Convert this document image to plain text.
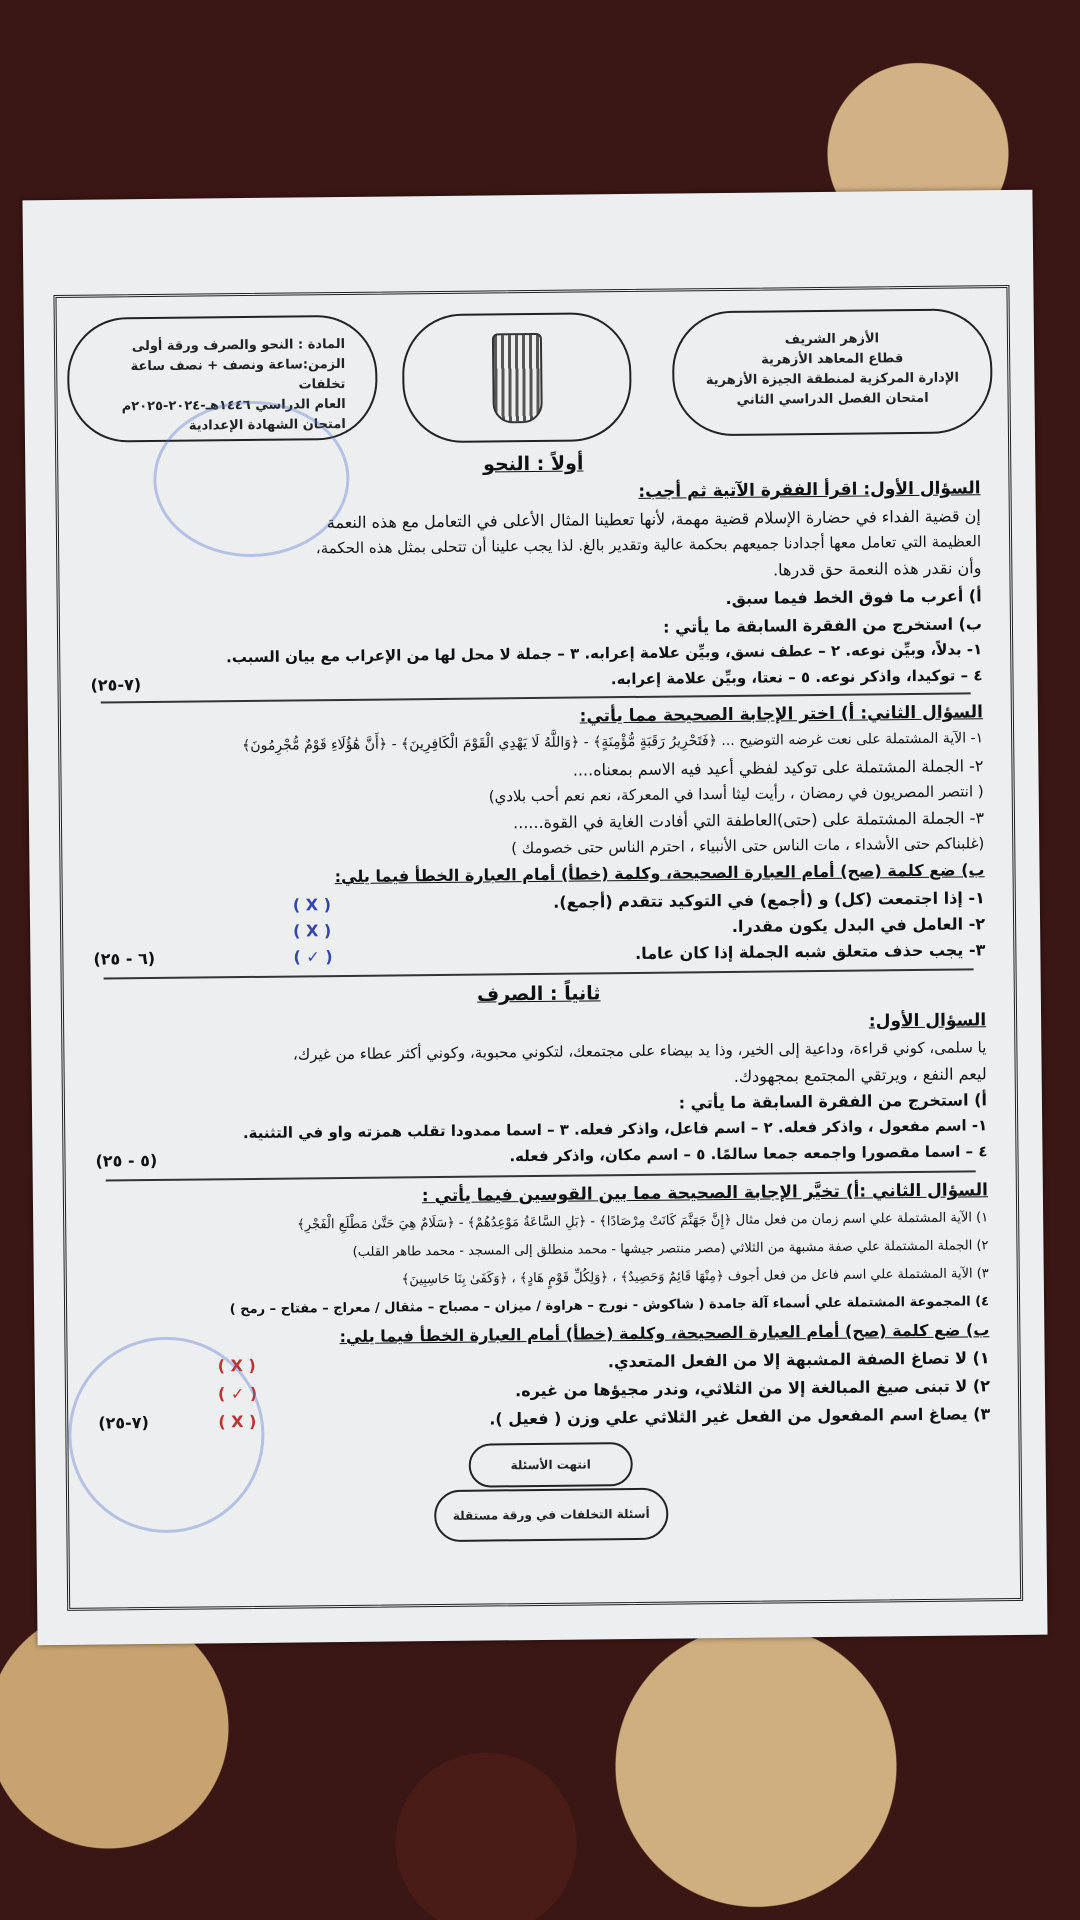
الأزهر الشريف
قطاع المعاهد الأزهرية
الإدارة المركزية لمنطقة الجيزة الأزهرية
امتحان الفصل الدراسي الثاني
المادة : النحو والصرف ورقة أولى
الزمن:ساعة ونصف + نصف ساعة تخلفات
العام الدراسي ١٤٤٦هـ-٢٠٢٤-٢٠٢٥م
امتحان الشهادة الإعدادية
أولاً : النحو
السؤال الأول: اقرأ الفقرة الآتية ثم أجب:
إن قضية الفداء في حضارة الإسلام قضية مهمة، لأنها تعطينا المثال الأعلى في التعامل مع هذه النعمة
العظيمة التي تعامل معها أجدادنا جميعهم بحكمة عالية وتقدير بالغ. لذا يجب علينا أن تتحلى بمثل هذه الحكمة،
وأن نقدر هذه النعمة حق قدرها.
أ) أعرب ما فوق الخط فيما سبق.
ب) استخرج من الفقرة السابقة ما يأتي :
١- بدلاً، وبيِّن نوعه. ٢ – عطف نسق، وبيِّن علامة إعرابه. ٣ – جملة لا محل لها من الإعراب مع بيان السبب.
٤ – توكيدا، واذكر نوعه. ٥ – نعتا، وبيِّن علامة إعرابه.
(٧-٢٥)
السؤال الثاني: أ) اختر الإجابة الصحيحة مما يأتي:
١- الآية المشتملة على نعت غرضه التوضيح ... ﴿فَتَحْرِيرُ رَقَبَةٍ مُّؤْمِنَةٍ﴾ - ﴿وَاللَّهُ لَا يَهْدِي الْقَوْمَ الْكَافِرِينَ﴾ - ﴿أَنَّ هَٰؤُلَاءِ قَوْمٌ مُّجْرِمُونَ﴾
٢- الجملة المشتملة على توكيد لفظي أعيد فيه الاسم بمعناه....
( انتصر المصريون في رمضان ، رأيت ليثا أسدا في المعركة، نعم نعم أحب بلادي)
٣- الجملة المشتملة على (حتى)العاطفة التي أفادت الغاية في القوة......
(غلبناكم حتى الأشداء ، مات الناس حتى الأنبياء ، احترم الناس حتى خصومك )
ب) ضع كلمة (صح) أمام العبارة الصحيحة، وكلمة (خطأ) أمام العبارة الخطأ فيما يلي:
١- إذا اجتمعت (كل) و (أجمع) في التوكيد تتقدم (أجمع).
٢- العامل في البدل يكون مقدرا.
٣- يجب حذف متعلق شبه الجملة إذا كان عاما.
( X )
( X )
( ✓ )
(٦ - ٢٥)
ثانياً : الصرف
السؤال الأول:
يا سلمى، كوني قراءة، وداعية إلى الخير، وذا يد بيضاء على مجتمعك، لتكوني محبوبة، وكوني أكثر عطاء من غيرك،
ليعم النفع ، ويرتقي المجتمع بمجهودك.
أ) استخرج من الفقرة السابقة ما يأتي :
١- اسم مفعول ، واذكر فعله. ٢ – اسم فاعل، واذكر فعله. ٣ – اسما ممدودا تقلب همزته واو في التثنية.
٤ – اسما مقصورا واجمعه جمعا سالمًا. ٥ – اسم مكان، واذكر فعله.
(٥ - ٢٥)
السؤال الثاني :أ) تخيَّر الإجابة الصحيحة مما بين القوسين فيما يأتي :
١) الآية المشتملة علي اسم زمان من فعل مثال ﴿إِنَّ جَهَنَّمَ كَانَتْ مِرْصَادًا﴾ - ﴿بَلِ السَّاعَةُ مَوْعِدُهُمْ﴾ - ﴿سَلَامٌ هِيَ حَتَّىٰ مَطْلَعِ الْفَجْرِ﴾
٢) الجملة المشتملة علي صفة مشبهة من الثلاثي (مصر منتصر جيشها - محمد منطلق إلى المسجد - محمد طاهر القلب)
٣) الآية المشتملة علي اسم فاعل من فعل أجوف ﴿مِنْهَا قَائِمٌ وَحَصِيدٌ﴾ ، ﴿وَلِكُلِّ قَوْمٍ هَادٍ﴾ ، ﴿وَكَفَىٰ بِنَا حَاسِبِينَ﴾
٤) المجموعة المشتملة علي أسماء آلة جامدة ( شاكوش - نورج – هراوة / ميزان – مصباح – مثقال / معراج – مفتاح – رمح )
ب) ضع كلمة (صح) أمام العبارة الصحيحة، وكلمة (خطأ) أمام العبارة الخطأ فيما يلي:
١) لا تصاغ الصفة المشبهة إلا من الفعل المتعدي.
٢) لا تبنى صيغ المبالغة إلا من الثلاثي، وندر مجيؤها من غيره.
٣) يصاغ اسم المفعول من الفعل غير الثلاثي علي وزن ( فعيل ).
( X )
( ✓ )
( X )
(٧-٢٥)
انتهت الأسئلة
أسئلة التخلفات في ورقة مستقلة
